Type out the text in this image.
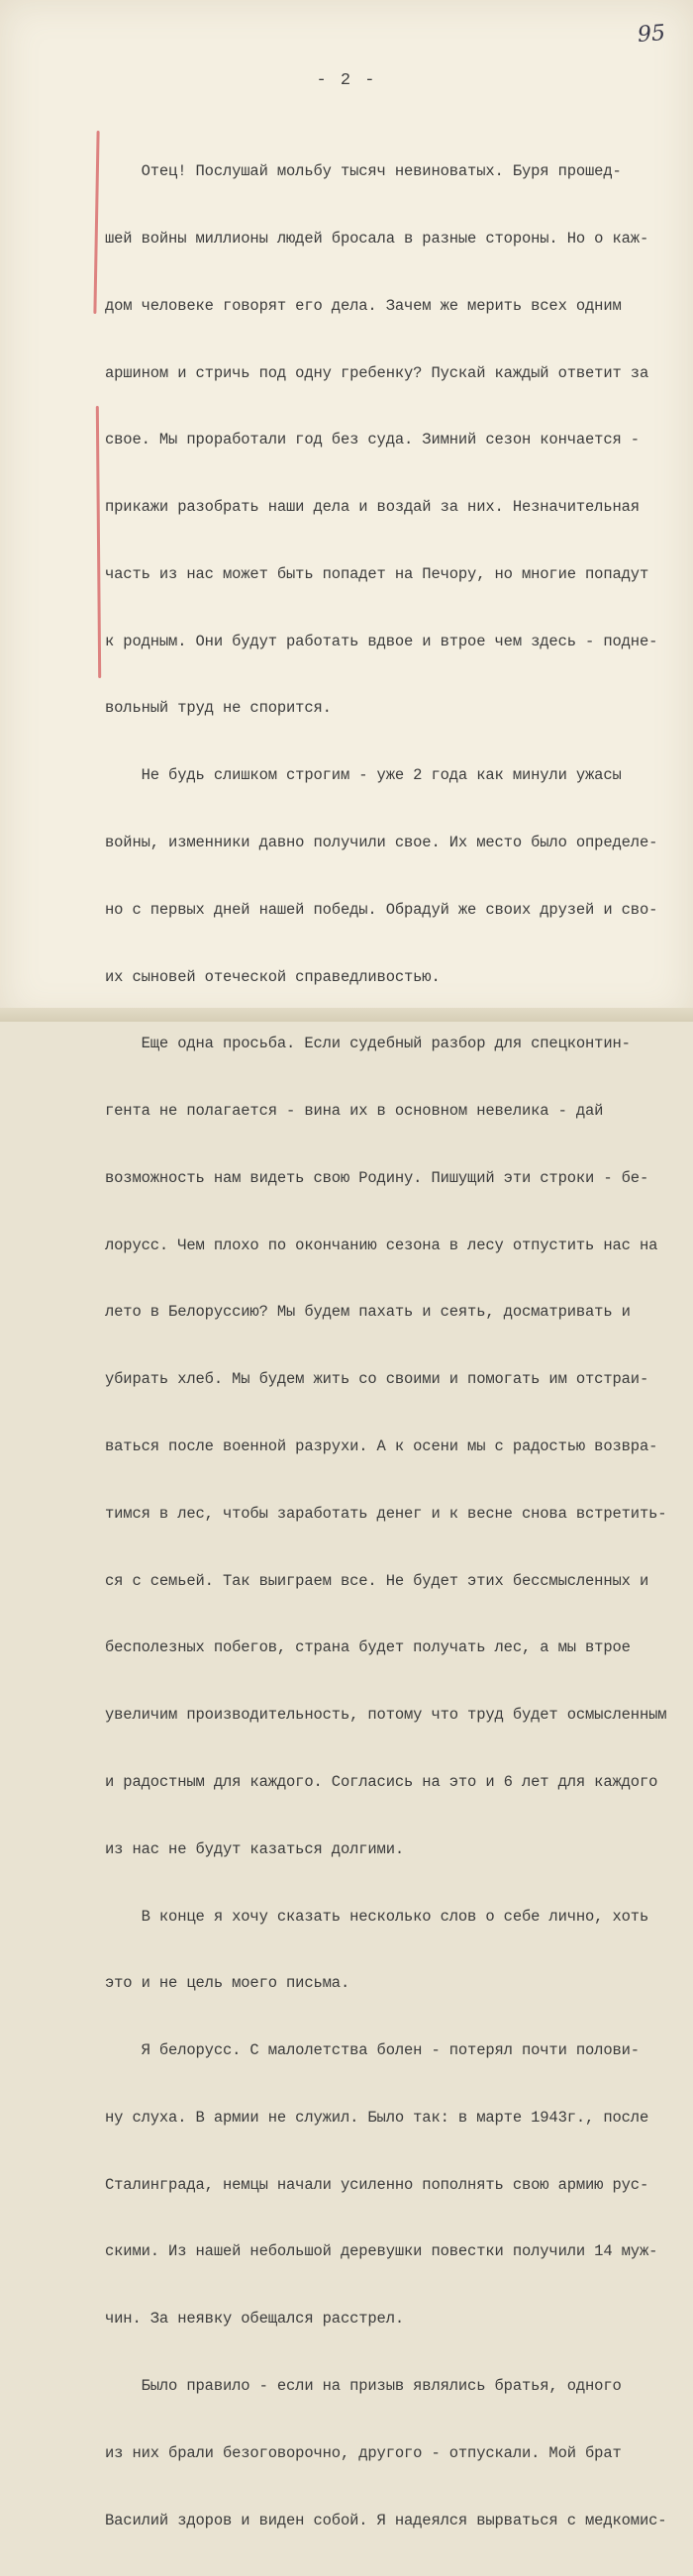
95
- 2 -

Отец! Послушай мольбу тысяч невиноватых. Буря прошед-

шей войны миллионы людей бросала в разные стороны. Но о каж-

дом человеке говорят его дела. Зачем же мерить всех одним

аршином и стричь под одну гребенку? Пускай каждый ответит за

свое. Мы проработали год без суда. Зимний сезон кончается -

прикажи разобрать наши дела и воздай за них. Незначительная

часть из нас может быть попадет на Печору, но многие попадут

к родным. Они будут работать вдвое и втрое чем здесь - подне-

вольный труд не спорится.

Не будь слишком строгим - уже 2 года как минули ужасы

войны, изменники давно получили свое. Их место было определе-

но с первых дней нашей победы. Обрадуй же своих друзей и сво-

их сыновей отеческой справедливостью.

Еще одна просьба. Если судебный разбор для спецконтин-

гента не полагается - вина их в основном невелика - дай

возможность нам видеть свою Родину. Пишущий эти строки - бе-

лорусс. Чем плохо по окончанию сезона в лесу отпустить нас на

лето в Белоруссию? Мы будем пахать и сеять, досматривать и

убирать хлеб. Мы будем жить со своими и помогать им отстраи-

ваться после военной разрухи. А к осени мы с радостью возвра-

тимся в лес, чтобы заработать денег и к весне снова встретить-

ся с семьей. Так выиграем все. Не будет этих бессмысленных и

бесполезных побегов, страна будет получать лес, а мы втрое

увеличим производительность, потому что труд будет осмысленным

и радостным для каждого. Согласись на это и 6 лет для каждого

из нас не будут казаться долгими.

В конце я хочу сказать несколько слов о себе лично, хоть

это и не цель моего письма.

Я белорусс. С малолетства болен - потерял почти полови-

ну слуха. В армии не служил. Было так: в марте 1943г., после

Сталинграда, немцы начали усиленно пополнять свою армию рус-

скими. Из нашей небольшой деревушки повестки получили 14 муж-

чин. За неявку обещался расстрел.

Было правило - если на призыв являлись братья, одного

из них брали безоговорочно, другого - отпускали. Мой брат

Василий здоров и виден собой. Я надеялся вырваться с медкомис-
